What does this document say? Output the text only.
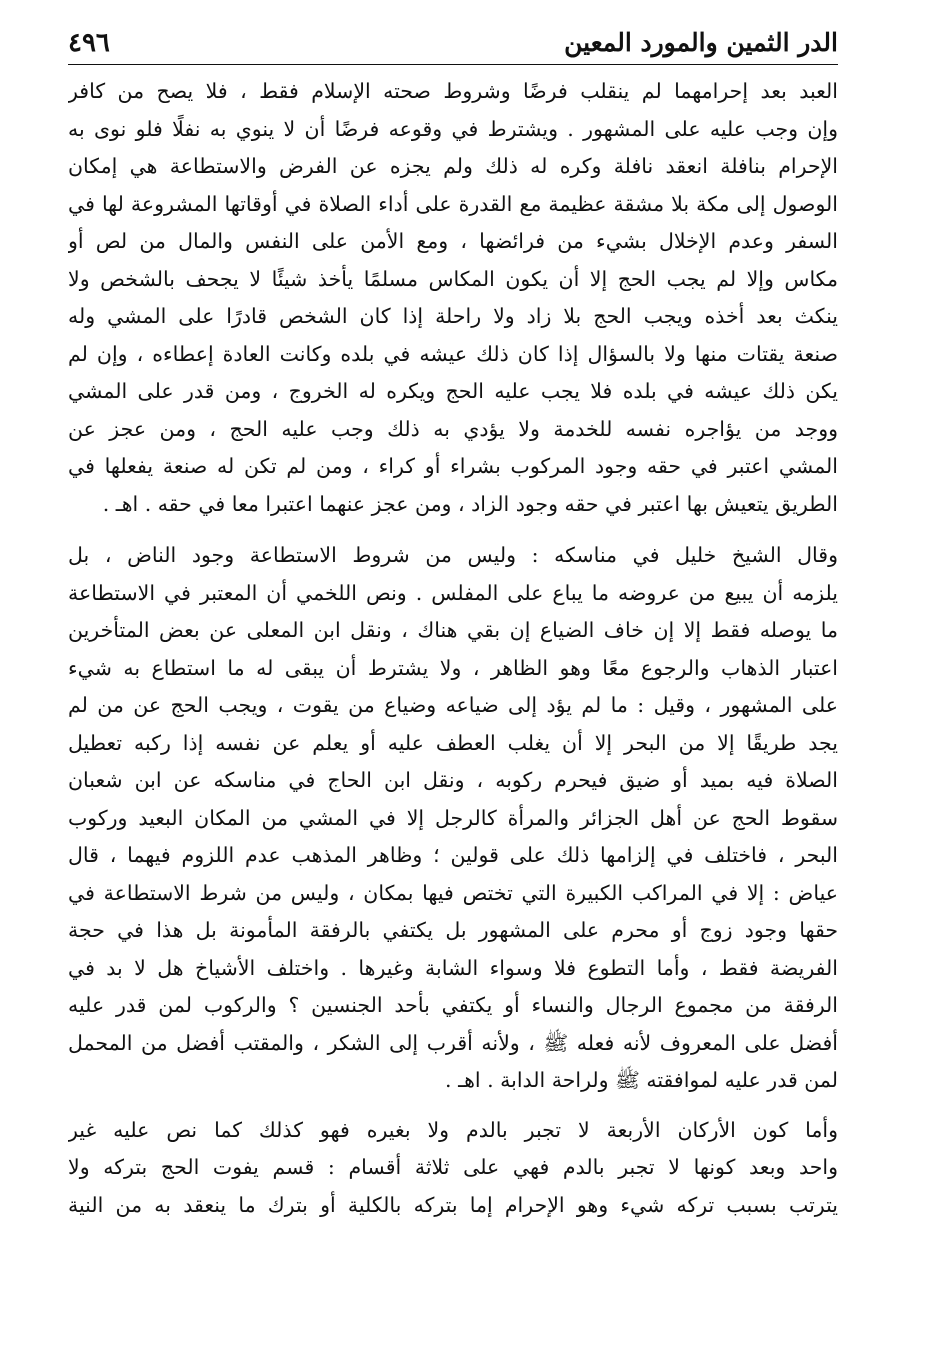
الدر الثمين والمورد المعين
٤٩٦
العبد بعد إحرامهما لم ينقلب فرضًا وشروط صحته الإسلام فقط ، فلا يصح من كافر
وإن وجب عليه على المشهور . ويشترط في وقوعه فرضًا أن لا ينوي به نفلًا فلو نوى به
الإحرام بنافلة انعقد نافلة وكره له ذلك ولم يجزه عن الفرض والاستطاعة هي إمكان
الوصول إلى مكة بلا مشقة عظيمة مع القدرة على أداء الصلاة في أوقاتها المشروعة لها في
السفر وعدم الإخلال بشيء من فرائضها ، ومع الأمن على النفس والمال من لص أو
مكاس وإلا لم يجب الحج إلا أن يكون المكاس مسلمًا يأخذ شيئًا لا يجحف بالشخص ولا
ينكث بعد أخذه ويجب الحج بلا زاد ولا راحلة إذا كان الشخص قادرًا على المشي وله
صنعة يقتات منها ولا بالسؤال إذا كان ذلك عيشه في بلده وكانت العادة إعطاءه ، وإن لم
يكن ذلك عيشه في بلده فلا يجب عليه الحج ويكره له الخروج ، ومن قدر على المشي
ووجد من يؤاجره نفسه للخدمة ولا يؤدي به ذلك وجب عليه الحج ، ومن عجز عن
المشي اعتبر في حقه وجود المركوب بشراء أو كراء ، ومن لم تكن له صنعة يفعلها في
الطريق يتعيش بها اعتبر في حقه وجود الزاد ، ومن عجز عنهما اعتبرا معا في حقه . اهـ .
وقال الشيخ خليل في مناسكه : وليس من شروط الاستطاعة وجود الناض ، بل
يلزمه أن يبيع من عروضه ما يباع على المفلس . ونص اللخمي أن المعتبر في الاستطاعة
ما يوصله فقط إلا إن خاف الضياع إن بقي هناك ، ونقل ابن المعلى عن بعض المتأخرين
اعتبار الذهاب والرجوع معًا وهو الظاهر ، ولا يشترط أن يبقى له ما استطاع به شيء
على المشهور ، وقيل : ما لم يؤد إلى ضياعه وضياع من يقوت ، ويجب الحج عن من لم
يجد طريقًا إلا من البحر إلا أن يغلب العطف عليه أو يعلم عن نفسه إذا ركبه تعطيل
الصلاة فيه بميد أو ضيق فيحرم ركوبه ، ونقل ابن الحاج في مناسكه عن ابن شعبان
سقوط الحج عن أهل الجزائر والمرأة كالرجل إلا في المشي من المكان البعيد وركوب
البحر ، فاختلف في إلزامها ذلك على قولين ؛ وظاهر المذهب عدم اللزوم فيهما ، قال
عياض : إلا في المراكب الكبيرة التي تختص فيها بمكان ، وليس من شرط الاستطاعة في
حقها وجود زوج أو محرم على المشهور بل يكتفي بالرفقة المأمونة بل هذا في حجة
الفريضة فقط ، وأما التطوع فلا وسواء الشابة وغيرها . واختلف الأشياخ هل لا بد في
الرفقة من مجموع الرجال والنساء أو يكتفي بأحد الجنسين ؟ والركوب لمن قدر عليه
أفضل على المعروف لأنه فعله ﷺ ، ولأنه أقرب إلى الشكر ، والمقتب أفضل من المحمل
لمن قدر عليه لموافقته ﷺ ولراحة الدابة . اهـ .
وأما كون الأركان الأربعة لا تجبر بالدم ولا بغيره فهو كذلك كما نص عليه غير
واحد وبعد كونها لا تجبر بالدم فهي على ثلاثة أقسام : قسم يفوت الحج بتركه ولا
يترتب بسبب تركه شيء وهو الإحرام إما بتركه بالكلية أو بترك ما ينعقد به من النية
